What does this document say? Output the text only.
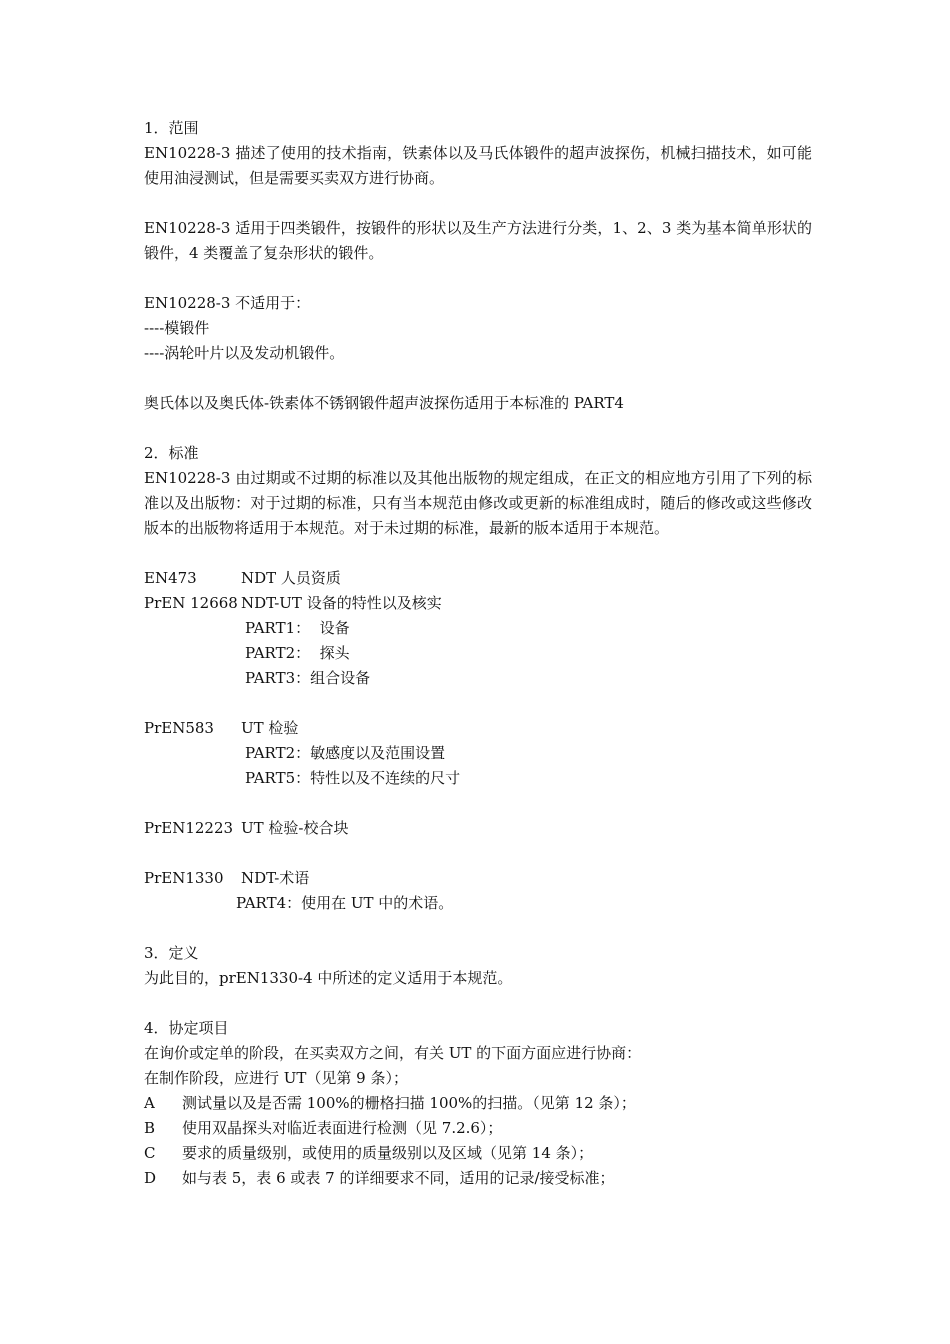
1．范围
EN10228-3 描述了使用的技术指南，铁素体以及马氏体锻件的超声波探伤，机械扫描技术，如可能使用油浸测试，但是需要买卖双方进行协商。
EN10228-3 适用于四类锻件，按锻件的形状以及生产方法进行分类，1、2、3 类为基本简单形状的锻件，4 类覆盖了复杂形状的锻件。
EN10228-3 不适用于：
----模锻件
----涡轮叶片以及发动机锻件。
奥氏体以及奥氏体-铁素体不锈钢锻件超声波探伤适用于本标准的 PART4
2．标准
EN10228-3 由过期或不过期的标准以及其他出版物的规定组成，在正文的相应地方引用了下列的标准以及出版物：对于过期的标准，只有当本规范由修改或更新的标准组成时，随后的修改或这些修改版本的出版物将适用于本规范。对于未过期的标准，最新的版本适用于本规范。
EN473	NDT 人员资质
PrEN 12668 NDT-UT 设备的特性以及核实
PART1：  设备
PART2：  探头
PART3：组合设备
PrEN583	UT 检验
PART2：敏感度以及范围设置
PART5：特性以及不连续的尺寸
PrEN12223 UT 检验-校合块
PrEN1330	NDT-术语
PART4：使用在 UT 中的术语。
3．定义
为此目的，prEN1330-4 中所述的定义适用于本规范。
4．协定项目
在询价或定单的阶段，在买卖双方之间，有关 UT 的下面方面应进行协商：
在制作阶段，应进行 UT（见第 9 条）；
A	测试量以及是否需 100%的栅格扫描 100%的扫描。（见第 12 条）；
B	使用双晶探头对临近表面进行检测（见 7.2.6）；
C	要求的质量级别，或使用的质量级别以及区域（见第 14 条）；
D	如与表 5，表 6 或表 7 的详细要求不同，适用的记录/接受标准；
